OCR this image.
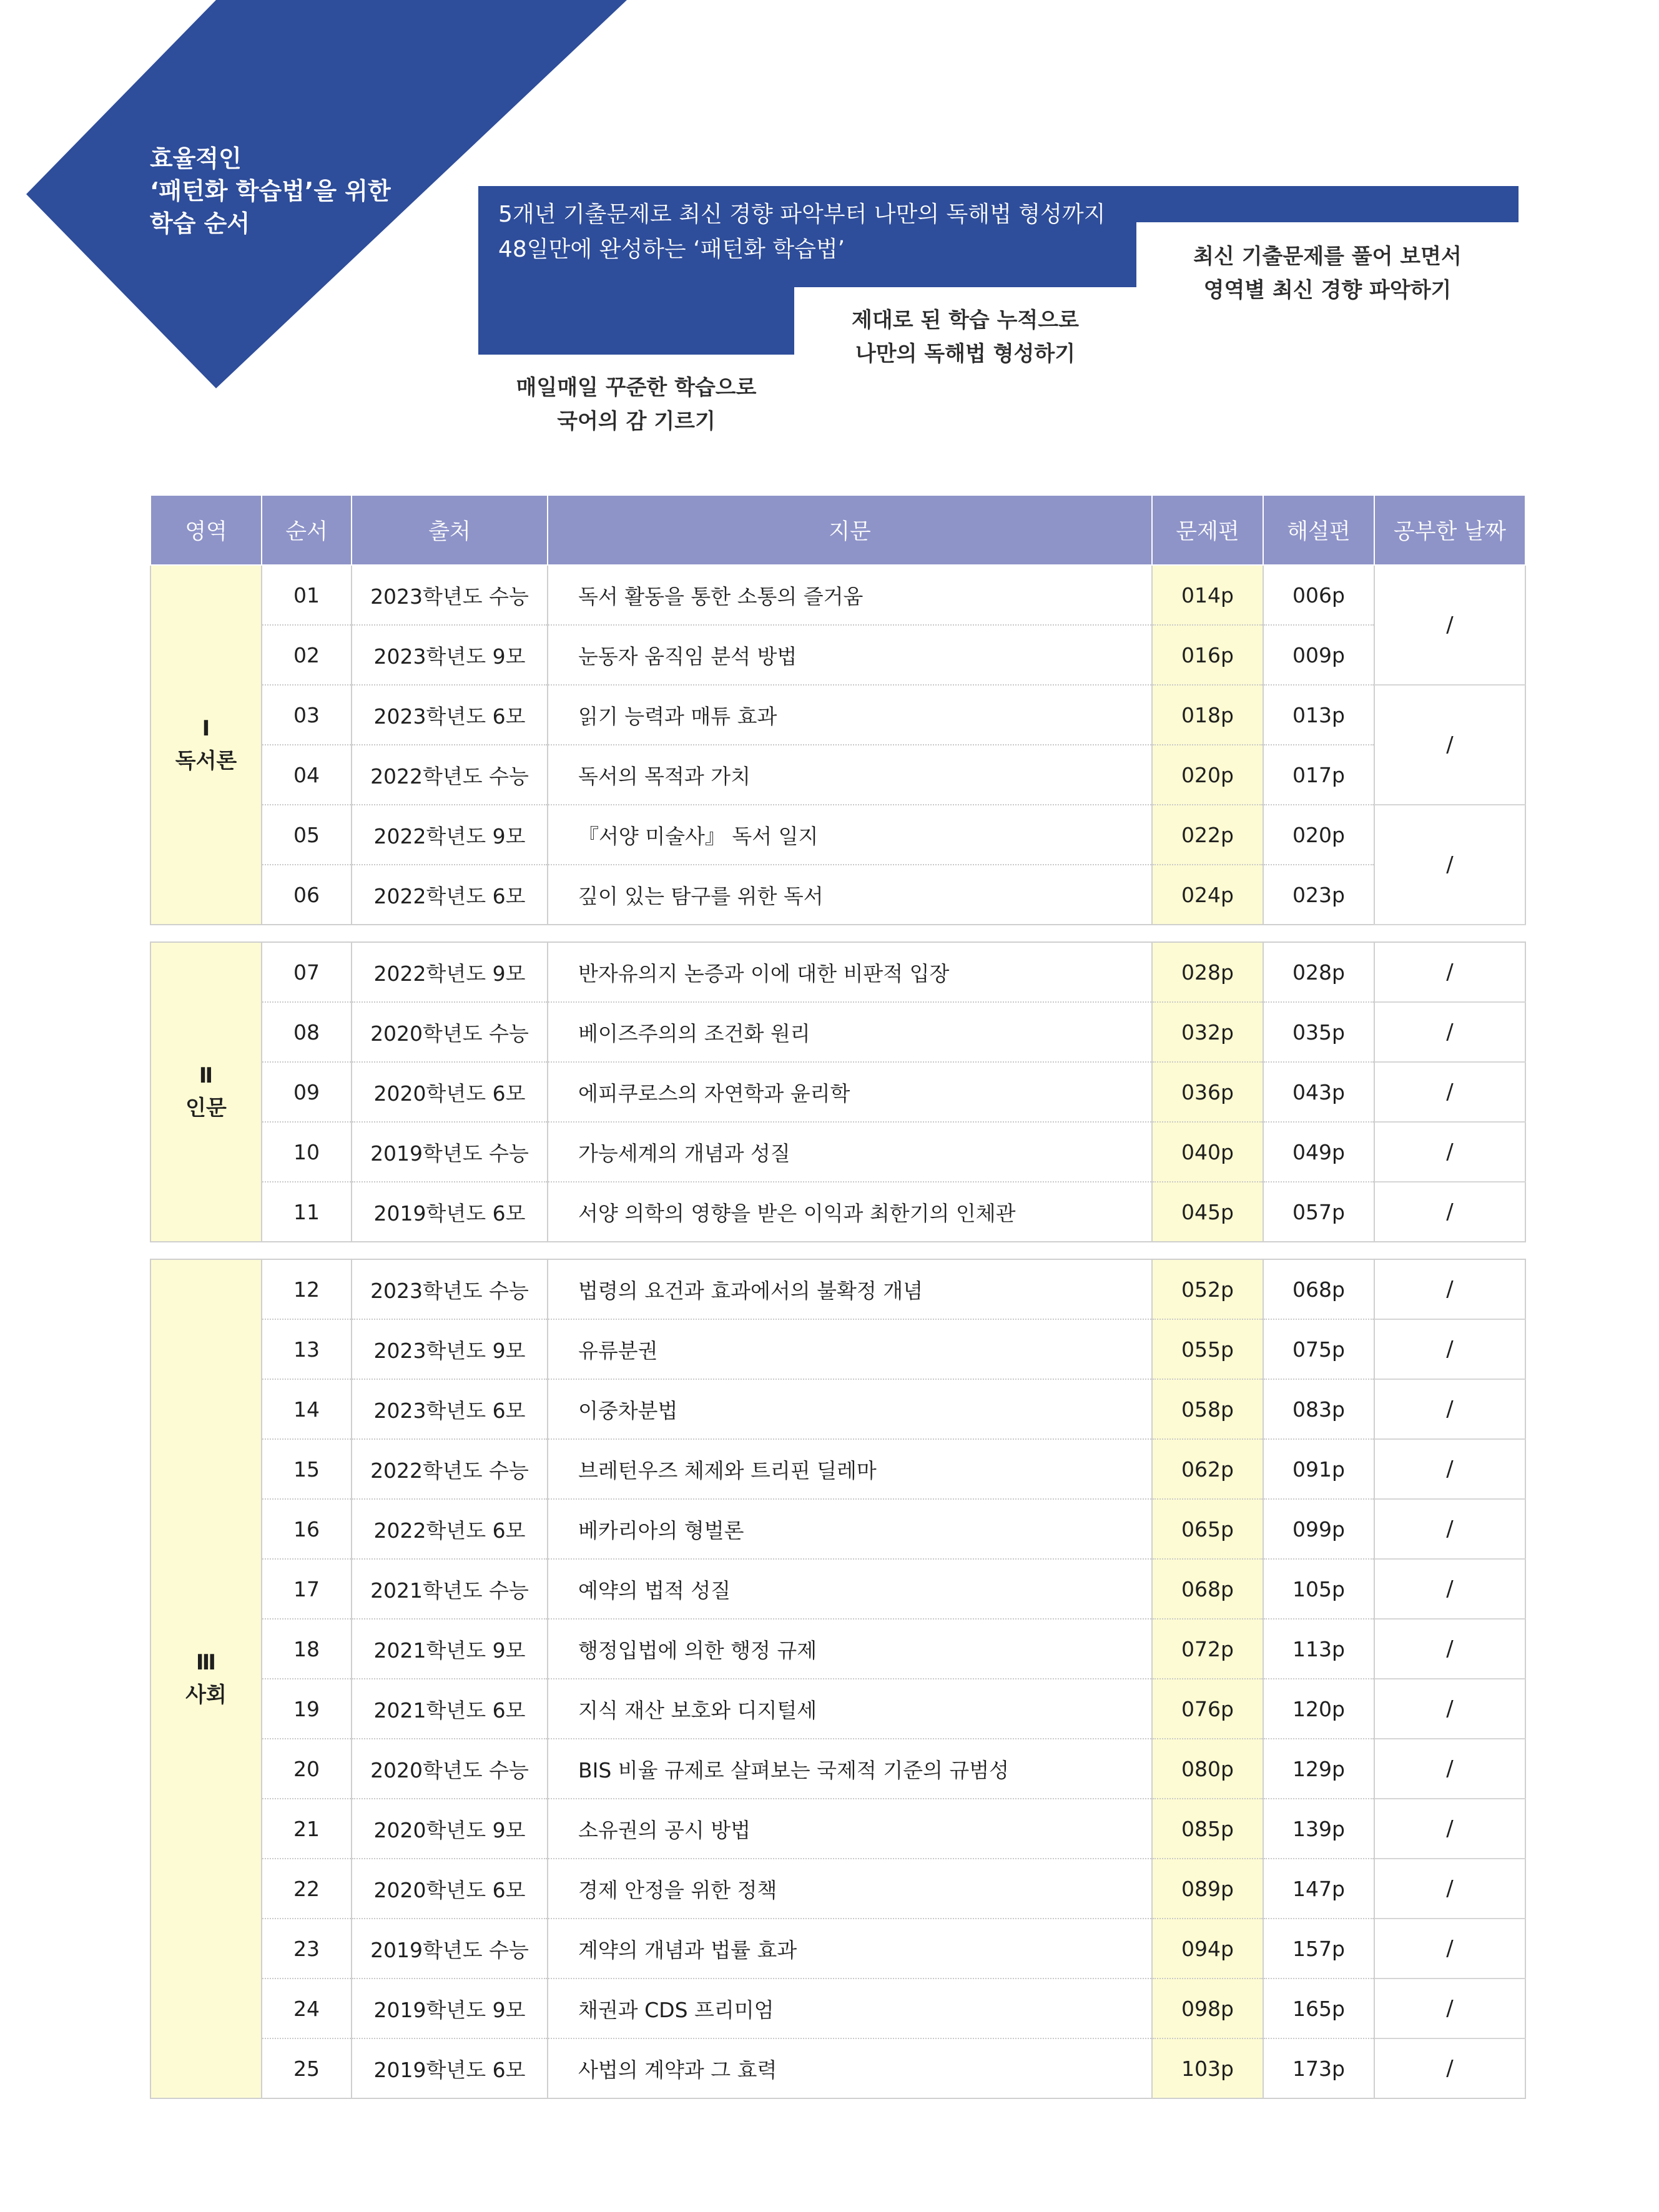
효율적인
‘패턴화 학습법’을 위한
학습 순서	5개년 기출문제로 최신 경향 파악부터 나만의 독해법 형성까지
48일만에 완성하는 ‘패턴화 학습법’
매일매일 꾸준한 학습으로
국어의 감 기르기
제대로 된 학습 누적으로
나만의 독해법 형성하기
최신 기출문제를 풀어 보면서
영역별 최신 경향 파악하기
영역	순서	출처	지문	문제편	해설편	공부한 날짜

Ⅰ
독서론	01	2023학년도 수능	독서 활동을 통한 소통의 즐거움	014p	006p	/
	02	2023학년도 9모	눈동자 움직임 분석 방법	016p	009p	
	03	2023학년도 6모	읽기 능력과 매튜 효과	018p	013p	/
	04	2022학년도 수능	독서의 목적과 가치	020p	017p	
	05	2022학년도 9모	『서양 미술사』 독서 일지	022p	020p	/
	06	2022학년도 6모	깊이 있는 탐구를 위한 독서	024p	023p	

Ⅱ
인문	07	2022학년도 9모	반자유의지 논증과 이에 대한 비판적 입장	028p	028p	/
	08	2020학년도 수능	베이즈주의의 조건화 원리	032p	035p	/
	09	2020학년도 6모	에피쿠로스의 자연학과 윤리학	036p	043p	/
	10	2019학년도 수능	가능세계의 개념과 성질	040p	049p	/
	11	2019학년도 6모	서양 의학의 영향을 받은 이익과 최한기의 인체관	045p	057p	/

Ⅲ
사회	12	2023학년도 수능	법령의 요건과 효과에서의 불확정 개념	052p	068p	/
	13	2023학년도 9모	유류분권	055p	075p	/
	14	2023학년도 6모	이중차분법	058p	083p	/
	15	2022학년도 수능	브레턴우즈 체제와 트리핀 딜레마	062p	091p	/
	16	2022학년도 6모	베카리아의 형벌론	065p	099p	/
	17	2021학년도 수능	예약의 법적 성질	068p	105p	/
	18	2021학년도 9모	행정입법에 의한 행정 규제	072p	113p	/
	19	2021학년도 6모	지식 재산 보호와 디지털세	076p	120p	/
	20	2020학년도 수능	BIS 비율 규제로 살펴보는 국제적 기준의 규범성	080p	129p	/
	21	2020학년도 9모	소유권의 공시 방법	085p	139p	/
	22	2020학년도 6모	경제 안정을 위한 정책	089p	147p	/
	23	2019학년도 수능	계약의 개념과 법률 효과	094p	157p	/
	24	2019학년도 9모	채권과 CDS 프리미엄	098p	165p	/
	25	2019학년도 6모	사법의 계약과 그 효력	103p	173p	/
